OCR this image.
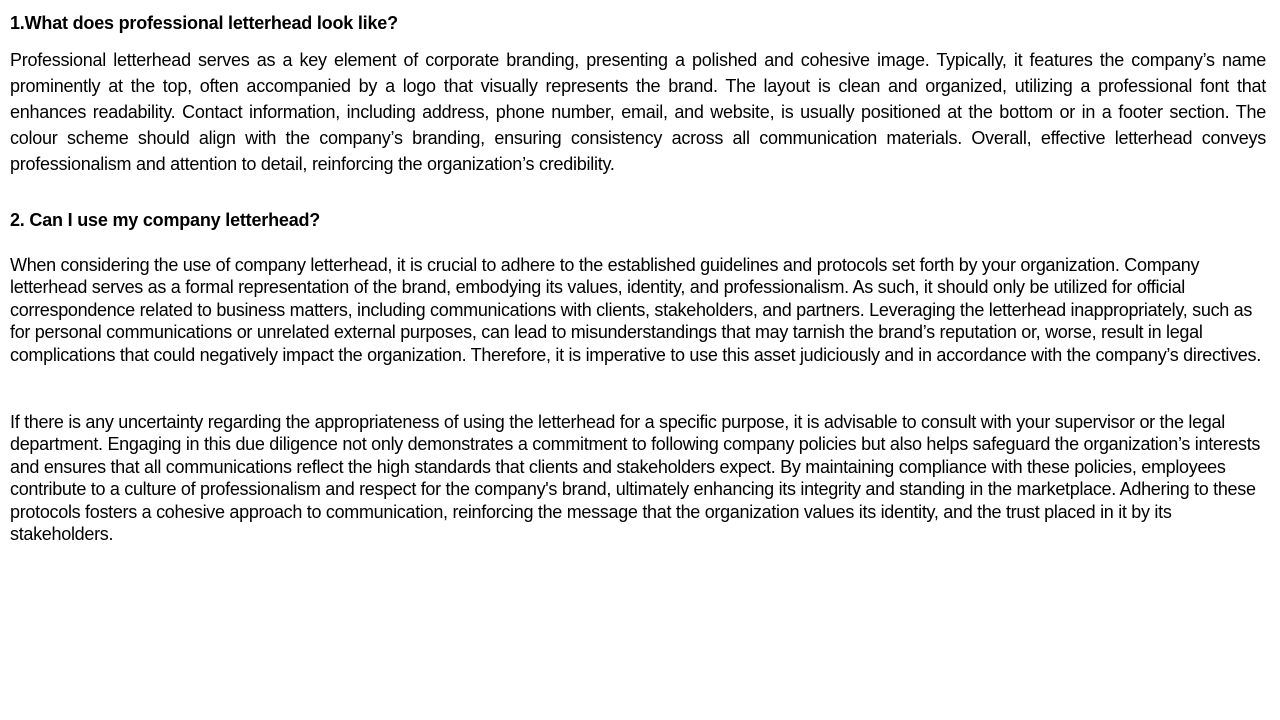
1.What does professional letterhead look like?

Professional letterhead serves as a key element of corporate branding, presenting a polished and cohesive image. Typically, it features the company’s name prominently at the top, often accompanied by a logo that visually represents the brand. The layout is clean and organized, utilizing a professional font that enhances readability. Contact information, including address, phone number, email, and website, is usually positioned at the bottom or in a footer section. The colour scheme should align with the company’s branding, ensuring consistency across all communication materials. Overall, effective letterhead conveys professionalism and attention to detail, reinforcing the organization’s credibility.

2. Can I use my company letterhead?

When considering the use of company letterhead, it is crucial to adhere to the established guidelines and protocols set forth by your organization. Company letterhead serves as a formal representation of the brand, embodying its values, identity, and professionalism. As such, it should only be utilized for official correspondence related to business matters, including communications with clients, stakeholders, and partners. Leveraging the letterhead inappropriately, such as for personal communications or unrelated external purposes, can lead to misunderstandings that may tarnish the brand’s reputation or, worse, result in legal complications that could negatively impact the organization. Therefore, it is imperative to use this asset judiciously and in accordance with the company’s directives.

If there is any uncertainty regarding the appropriateness of using the letterhead for a specific purpose, it is advisable to consult with your supervisor or the legal department. Engaging in this due diligence not only demonstrates a commitment to following company policies but also helps safeguard the organization’s interests and ensures that all communications reflect the high standards that clients and stakeholders expect. By maintaining compliance with these policies, employees contribute to a culture of professionalism and respect for the company's brand, ultimately enhancing its integrity and standing in the marketplace. Adhering to these protocols fosters a cohesive approach to communication, reinforcing the message that the organization values its identity, and the trust placed in it by its stakeholders.
